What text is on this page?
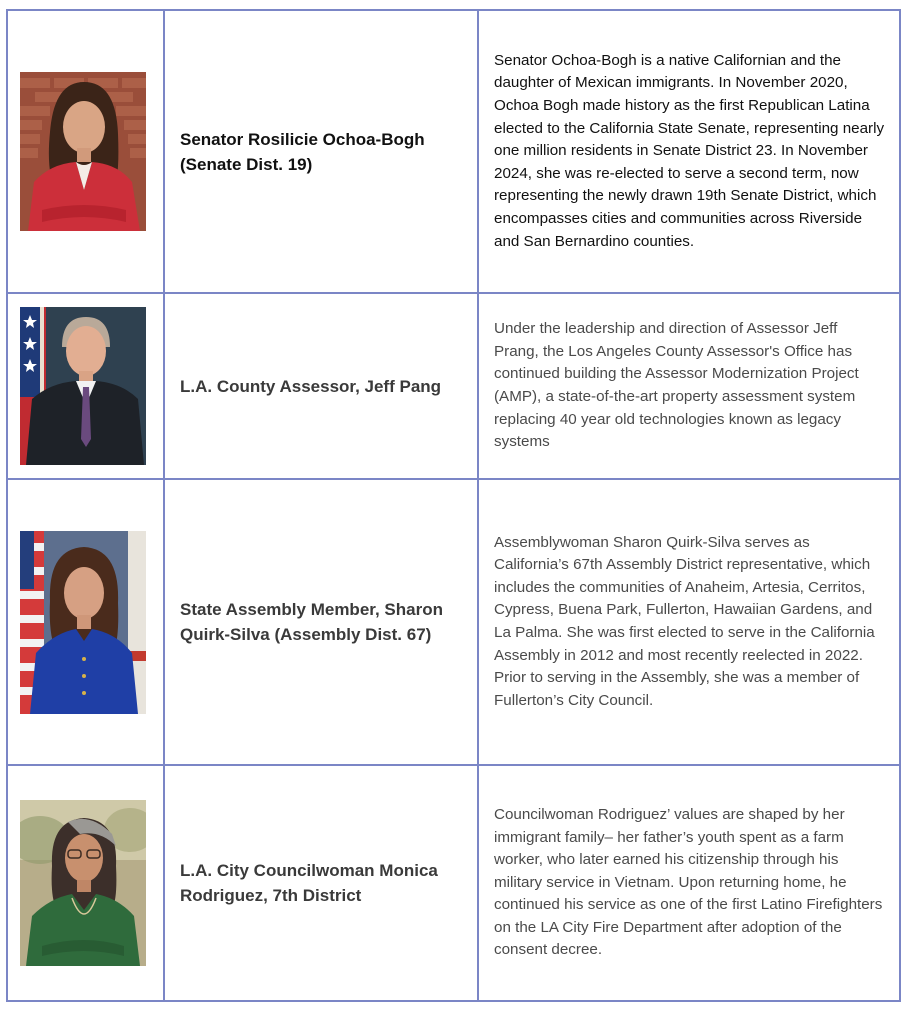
Senator Rosilicie Ochoa-Bogh (Senate Dist. 19)	Senator Ochoa-Bogh is a native Californian and the daughter of Mexican immigrants. In November 2020, Ochoa Bogh made history as the first Republican Latina elected to the California State Senate, representing nearly one million residents in Senate District 23. In November 2024, she was re-elected to serve a second term, now representing the newly drawn 19th Senate District, which encompasses cities and communities across Riverside and San Bernardino counties.

L.A. County Assessor, Jeff Pang	Under the leadership and direction of Assessor Jeff Prang, the Los Angeles County Assessor's Office has continued building the Assessor Modernization Project (AMP), a state-of-the-art property assessment system replacing 40 year old technologies known as legacy systems

State Assembly Member, Sharon Quirk-Silva (Assembly Dist. 67)	Assemblywoman Sharon Quirk-Silva serves as California’s 67th Assembly District representative, which includes the communities of Anaheim, Artesia, Cerritos, Cypress, Buena Park, Fullerton, Hawaiian Gardens, and La Palma. She was first elected to serve in the California Assembly in 2012 and most recently reelected in 2022. Prior to serving in the Assembly, she was a member of Fullerton’s City Council.

L.A. City Councilwoman Monica Rodriguez, 7th District	Councilwoman Rodriguez’ values are shaped by her immigrant family– her father’s youth spent as a farm worker, who later earned his citizenship through his military service in Vietnam. Upon returning home, he continued his service as one of the first Latino Firefighters on the LA City Fire Department after adoption of the consent decree.
